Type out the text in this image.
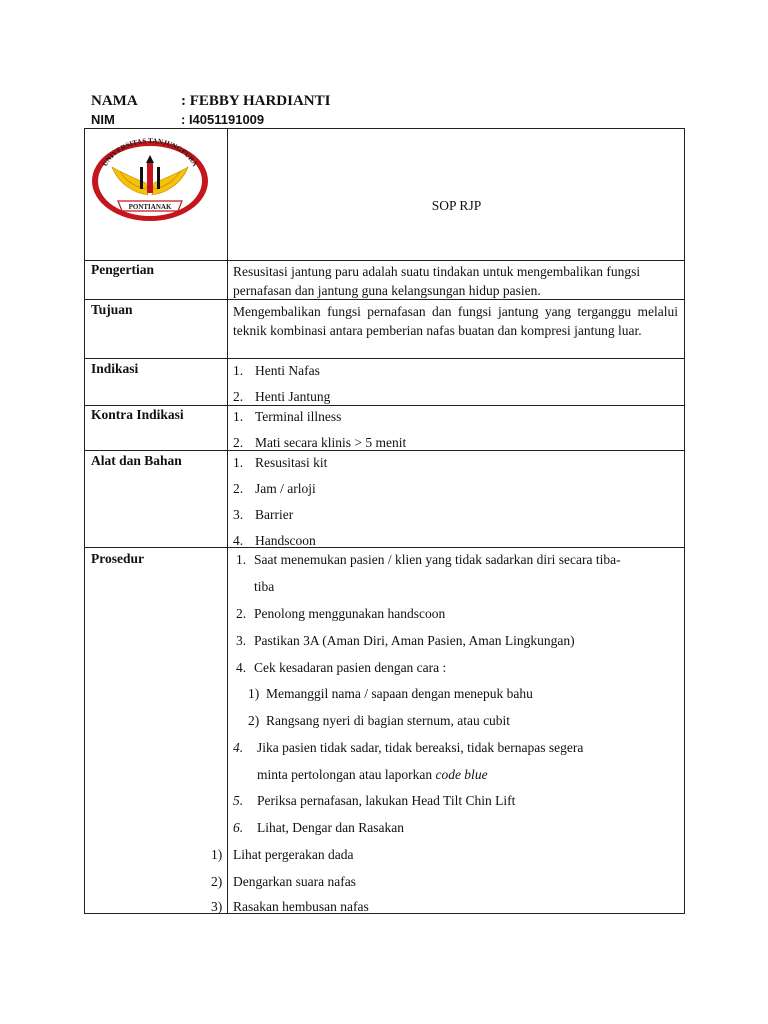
NAMA	: FEBBY HARDIANTI
NIM	: I4051191009
UNIVERSITAS TANJUNGPURA
PONTIANAK	SOP RJP
Pengertian	Resusitasi jantung paru adalah suatu tindakan untuk mengembalikan fungsi pernafasan dan jantung guna kelangsungan hidup pasien.
Tujuan	Mengembalikan fungsi pernafasan dan fungsi jantung yang terganggu melalui teknik kombinasi antara pemberian nafas buatan dan kompresi jantung luar.
Indikasi	1. Henti Nafas
2. Henti Jantung
Kontra Indikasi	1. Terminal illness
2. Mati secara klinis > 5 menit
Alat dan Bahan	1. Resusitasi kit
2. Jam / arloji
3. Barrier
4. Handscoon
Prosedur	1. Saat menemukan pasien / klien yang tidak sadarkan diri secara tiba-
tiba
2. Penolong menggunakan handscoon
3. Pastikan 3A (Aman Diri, Aman Pasien, Aman Lingkungan)
4. Cek kesadaran pasien dengan cara :
1) Memanggil nama / sapaan dengan menepuk bahu
2) Rangsang nyeri di bagian sternum, atau cubit
4. Jika pasien tidak sadar, tidak bereaksi, tidak bernapas segera
minta pertolongan atau laporkan code blue
5. Periksa pernafasan, lakukan Head Tilt Chin Lift
6. Lihat, Dengar dan Rasakan
1) Lihat pergerakan dada
2) Dengarkan suara nafas
3) Rasakan hembusan nafas
